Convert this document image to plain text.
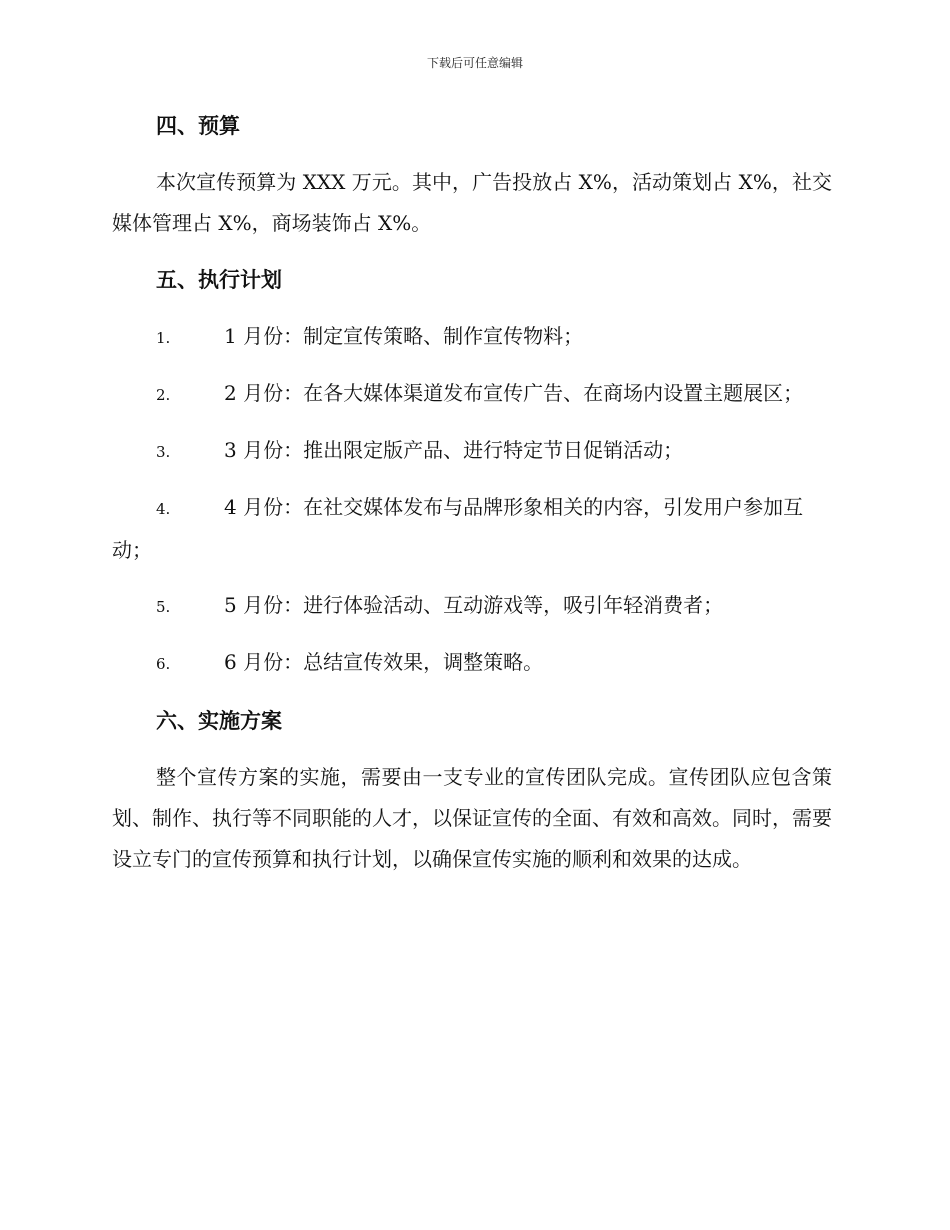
下载后可任意编辑
四、预算

本次宣传预算为 XXX 万元。其中，广告投放占 X%，活动策划占 X%，社交媒体管理占 X%，商场装饰占 X%。

五、执行计划
1.	1 月份：制定宣传策略、制作宣传物料；
2.	2 月份：在各大媒体渠道发布宣传广告、在商场内设置主题展区；
3.	3 月份：推出限定版产品、进行特定节日促销活动；
4.	4 月份：在社交媒体发布与品牌形象相关的内容，引发用户参加互动；
5.	5 月份：进行体验活动、互动游戏等，吸引年轻消费者；
6.	6 月份：总结宣传效果，调整策略。
六、实施方案

整个宣传方案的实施，需要由一支专业的宣传团队完成。宣传团队应包含策划、制作、执行等不同职能的人才，以保证宣传的全面、有效和高效。同时，需要设立专门的宣传预算和执行计划，以确保宣传实施的顺利和效果的达成。
